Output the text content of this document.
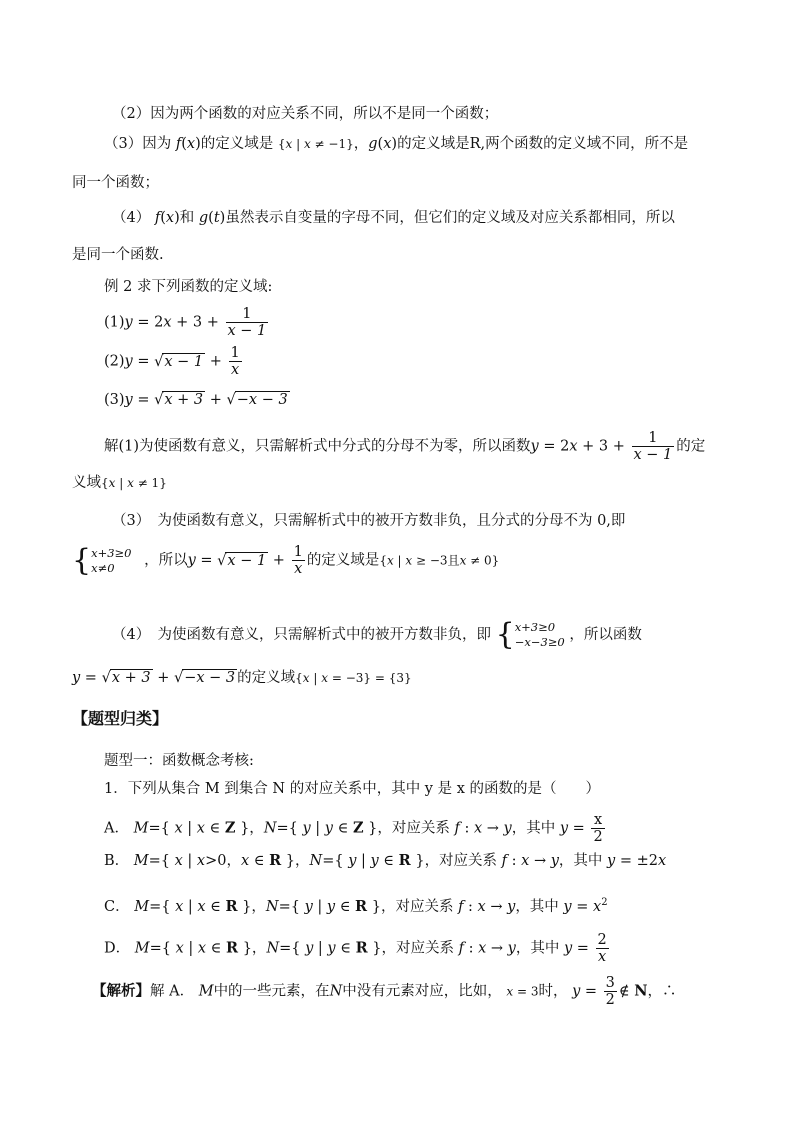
（2）因为两个函数的对应关系不同，所以不是同一个函数；
（3）因为 f(x)的定义域是 {x | x ≠ −1}，g(x)的定义域是R,两个函数的定义域不同，所不是
同一个函数；
（4） f(x)和 g(t)虽然表示自变量的字母不同，但它们的定义域及对应关系都相同，所以
是同一个函数.
例 2 求下列函数的定义域:
$(1)y = 2x + 3 + \frac{1}{x - 1}$
$(2)y = √x - 1 + \frac{1}{x}$
(3)y = √x + 3 + √−x − 3
解(1)为使函数有意义，只需解析式中分式的分母不为零，所以函数$y = 2x + 3 + \frac{1}{x - 1}$ 的定
义域{x | x ≠ 1}
（3）　为使函数有意义，只需解析式中的被开方数非负，且分式的分母不为 0,即
{x+3≥0
x≠0 ，所以$y = √x - 1 + \frac{1}{x}$ 的定义域是{x | x ≥ −3且x ≠ 0}
（4）　为使函数有意义，只需解析式中的被开方数非负，即 {x+3≥0
−x−3≥0 ，所以函数
y = √x + 3 + √−x − 3 的定义域{x | x = −3} = {3}
【题型归类】
题型一：函数概念考核:
1．下列从集合 M 到集合 N 的对应关系中，其中 y 是 x 的函数的是（　　）
A． M={ x | x ∈ Z }，N={ y | y ∈ Z }，对应关系 f : x → y，其中 $y = \frac{x}{2}$
B． M={ x | x>0，x ∈ R }，N={ y | y ∈ R }，对应关系 f : x → y，其中 y = ±2x
C． M={ x | x ∈ R }，N={ y | y ∈ R }，对应关系 f : x → y，其中 $y = x^2$
D． M={ x | x ∈ R }，N={ y | y ∈ R }，对应关系 f : x → y，其中 $y = \frac{2}{x}$
【解析】解 A． M中的一些元素，在N中没有元素对应，比如， x = 3时， $y = \frac{3}{2}$ ∉ N，∴
